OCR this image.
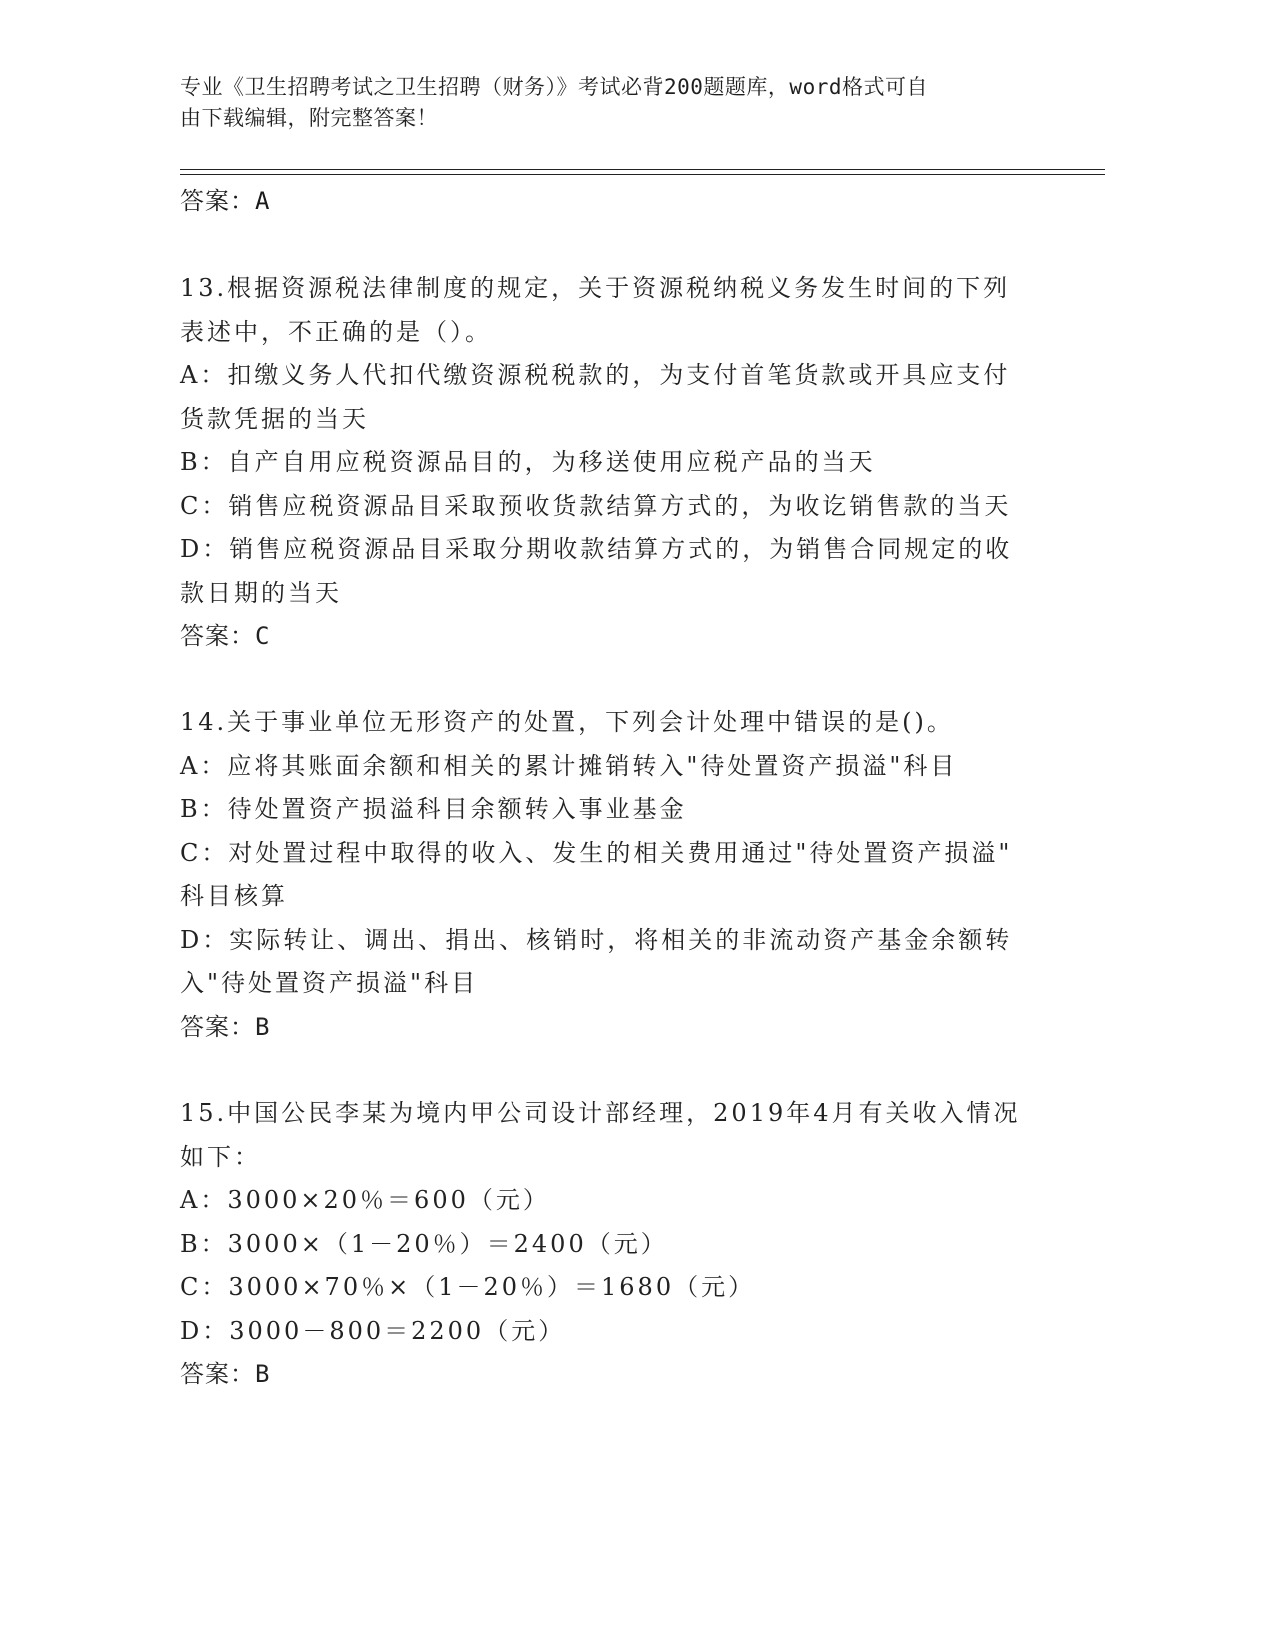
专业《卫生招聘考试之卫生招聘（财务）》考试必背200题题库，word格式可自
由下载编辑，附完整答案！
答案：A
13.根据资源税法律制度的规定，关于资源税纳税义务发生时间的下列
表述中，不正确的是（）。
A：扣缴义务人代扣代缴资源税税款的，为支付首笔货款或开具应支付
货款凭据的当天
B：自产自用应税资源品目的，为移送使用应税产品的当天
C：销售应税资源品目采取预收货款结算方式的，为收讫销售款的当天
D：销售应税资源品目采取分期收款结算方式的，为销售合同规定的收
款日期的当天
答案：C
14.关于事业单位无形资产的处置，下列会计处理中错误的是()。
A：应将其账面余额和相关的累计摊销转入"待处置资产损溢"科目
B：待处置资产损溢科目余额转入事业基金
C：对处置过程中取得的收入、发生的相关费用通过"待处置资产损溢"
科目核算
D：实际转让、调出、捐出、核销时，将相关的非流动资产基金余额转
入"待处置资产损溢"科目
答案：B
15.中国公民李某为境内甲公司设计部经理，2019年4月有关收入情况
如下：
A：3000×20％＝600（元）
B：3000×（1－20％）＝2400（元）
C：3000×70％×（1－20％）＝1680（元）
D：3000－800＝2200（元）
答案：B
